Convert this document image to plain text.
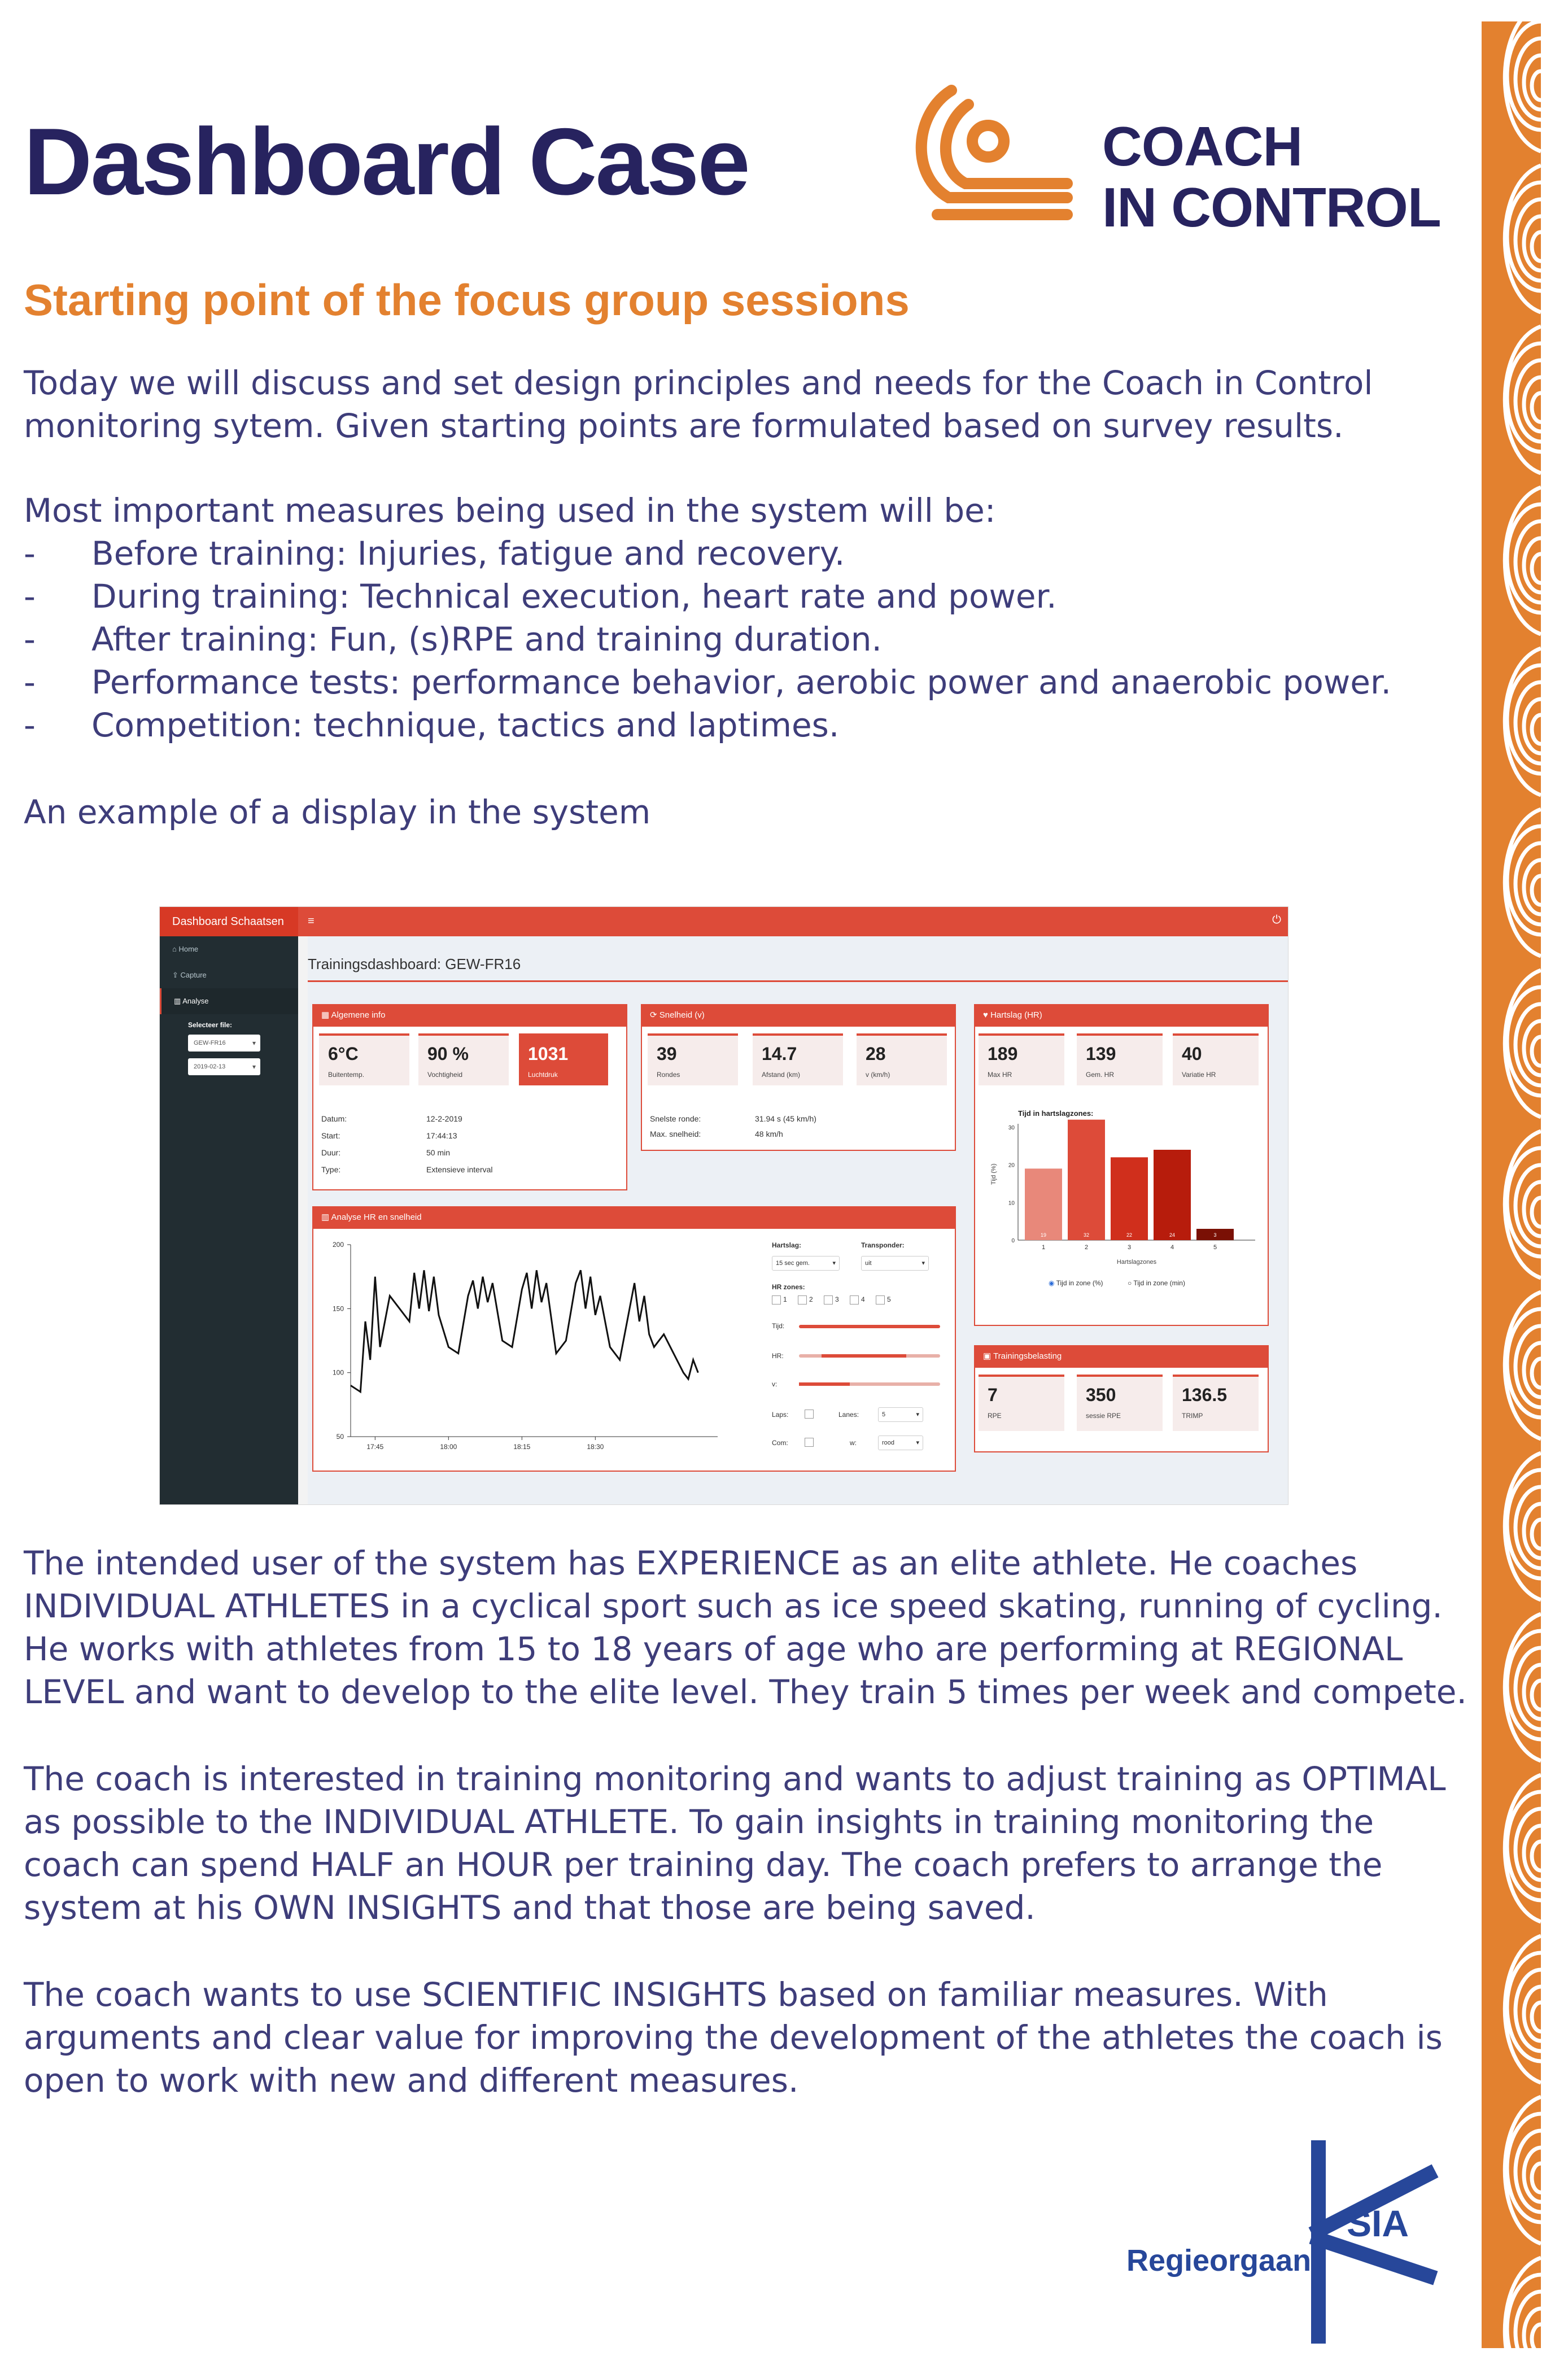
Dashboard Case	COACH
IN CONTROL
Starting point of the focus group sessions
Today we will discuss and set design principles and needs for the Coach in Control
monitoring sytem. Given starting points are formulated based on survey results.
Most important measures being used in the system will be:
-	Before training: Injuries, fatigue and recovery.
-	During training: Technical execution, heart rate and power.
-	After training: Fun, (s)RPE and training duration.
-	Performance tests: performance behavior, aerobic power and anaerobic power.
-	Competition: technique, tactics and laptimes.
An example of a display in the system
Dashboard Schaatsen	≡	⏻
⌂ Home
⇪ Capture
▥ Analyse
Selecteer file:
GEW-FR16 ▾
2019-02-13 ▾
Trainingsdashboard: GEW-FR16
▦ Algemene info
6°C
Buitentemp.
90 %
Vochtigheid
1031
Luchtdruk
Datum:	12-2-2019
Start:	17:44:13
Duur:	50 min
Type:	Extensieve interval
⟳ Snelheid (v)
39
Rondes
14.7
Afstand (km)
28
v (km/h)
Snelste ronde:	31.94 s (45 km/h)
Max. snelheid:	48 km/h
♥ Hartslag (HR)
189
Max HR
139
Gem. HR
40
Variatie HR
Tijd in hartslagzones:
Tijd (%)
Hartslagzones
0
10
20
30
19
1
32
2
22
3
24
4
3
5
◉ Tijd in zone (%)	○ Tijd in zone (min)
▥ Analyse HR en snelheid
50
100
150
200
17:45	18:00	18:15	18:30
Hartslag:
15 sec gem. ▾
Transponder:
uit ▾
HR zones:
1	2	3	4	5
Tijd:
HR:
v:
Laps:	Lanes:	5 ▾
Com:	w:	rood ▾
▣ Trainingsbelasting
7
RPE
350
sessie RPE
136.5
TRIMP
The intended user of the system has EXPERIENCE as an elite athlete. He coaches
INDIVIDUAL ATHLETES in a cyclical sport such as ice speed skating, running of cycling.
He works with athletes from 15 to 18 years of age who are performing at REGIONAL
LEVEL and want to develop to the elite level. They train 5 times per week and compete.
The coach is interested in training monitoring and wants to adjust training as OPTIMAL
as possible to the INDIVIDUAL ATHLETE. To gain insights in training monitoring the
coach can spend HALF an HOUR per training day. The coach prefers to arrange the
system at his OWN INSIGHTS and that those are being saved.
The coach wants to use SCIENTIFIC INSIGHTS based on familiar measures. With
arguments and clear value for improving the development of the athletes the coach is
open to work with new and different measures.
SIA
Regieorgaan
